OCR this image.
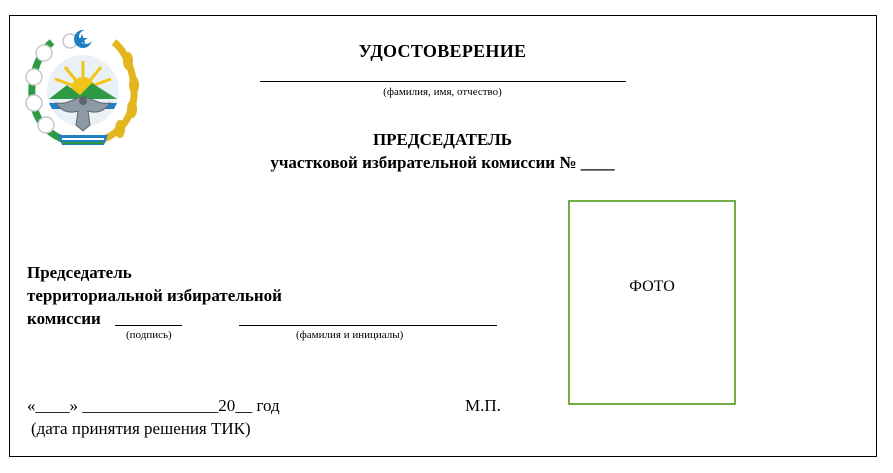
УДОСТОВЕРЕНИЕ
(фамилия, имя, отчество)
ПРЕДСЕДАТЕЛЬ
участковой избирательной комиссии № ____
ФОТО
Председатель
территориальной избирательной
комиссии
(подпись)	(фамилия и инициалы)
«____» ________________20__ год	М.П.
(дата принятия решения ТИК)
